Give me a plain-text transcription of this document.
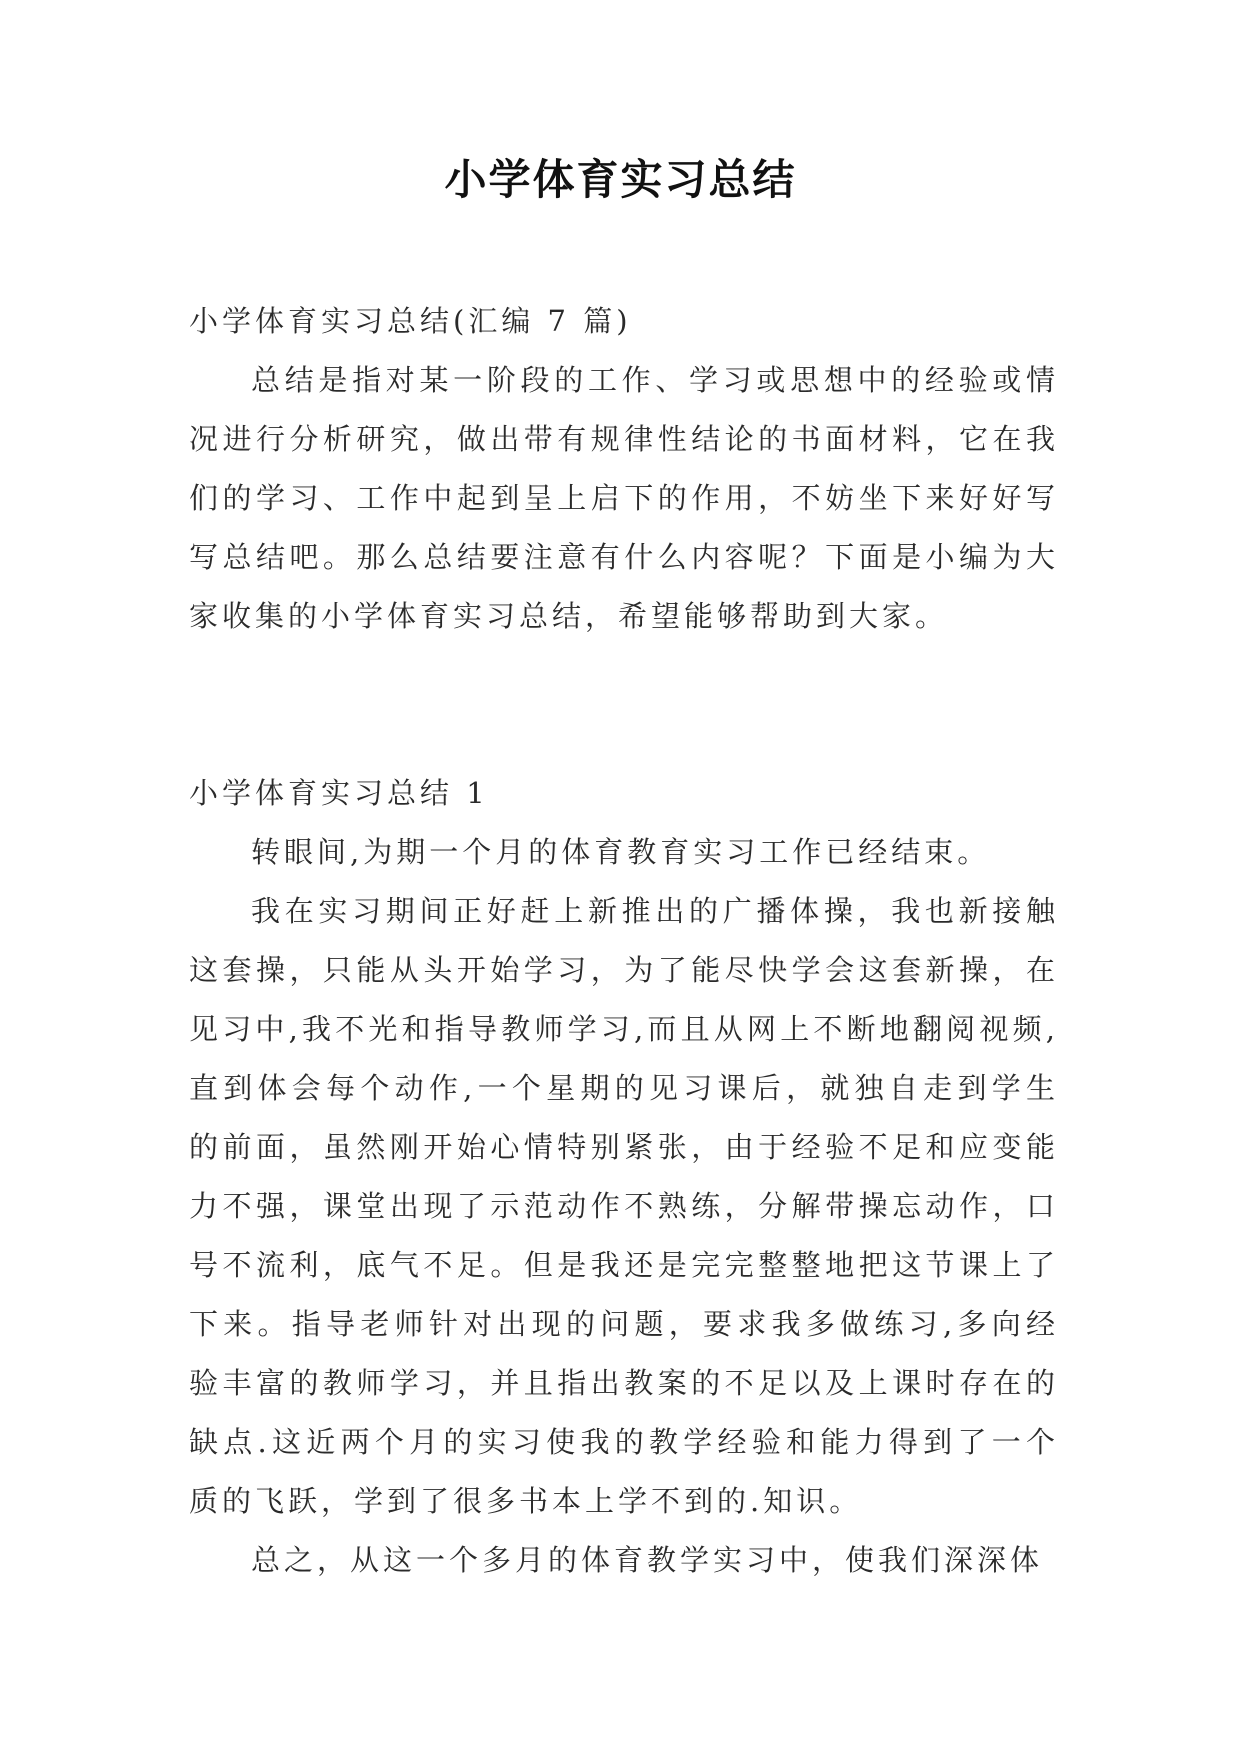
小学体育实习总结

小学体育实习总结(汇编 7 篇)

总结是指对某一阶段的工作、学习或思想中的经验或情况进行分析研究，做出带有规律性结论的书面材料，它在我们的学习、工作中起到呈上启下的作用，不妨坐下来好好写写总结吧。那么总结要注意有什么内容呢？下面是小编为大家收集的小学体育实习总结，希望能够帮助到大家。

小学体育实习总结 1

转眼间,为期一个月的体育教育实习工作已经结束。

我在实习期间正好赶上新推出的广播体操，我也新接触这套操，只能从头开始学习，为了能尽快学会这套新操，在见习中,我不光和指导教师学习,而且从网上不断地翻阅视频,直到体会每个动作,一个星期的见习课后，就独自走到学生的前面，虽然刚开始心情特别紧张，由于经验不足和应变能力不强，课堂出现了示范动作不熟练，分解带操忘动作，口号不流利，底气不足。但是我还是完完整整地把这节课上了下来。指导老师针对出现的问题，要求我多做练习,多向经验丰富的教师学习，并且指出教案的不足以及上课时存在的缺点.这近两个月的实习使我的教学经验和能力得到了一个质的飞跃，学到了很多书本上学不到的.知识。

总之，从这一个多月的体育教学实习中，使我们深深体
